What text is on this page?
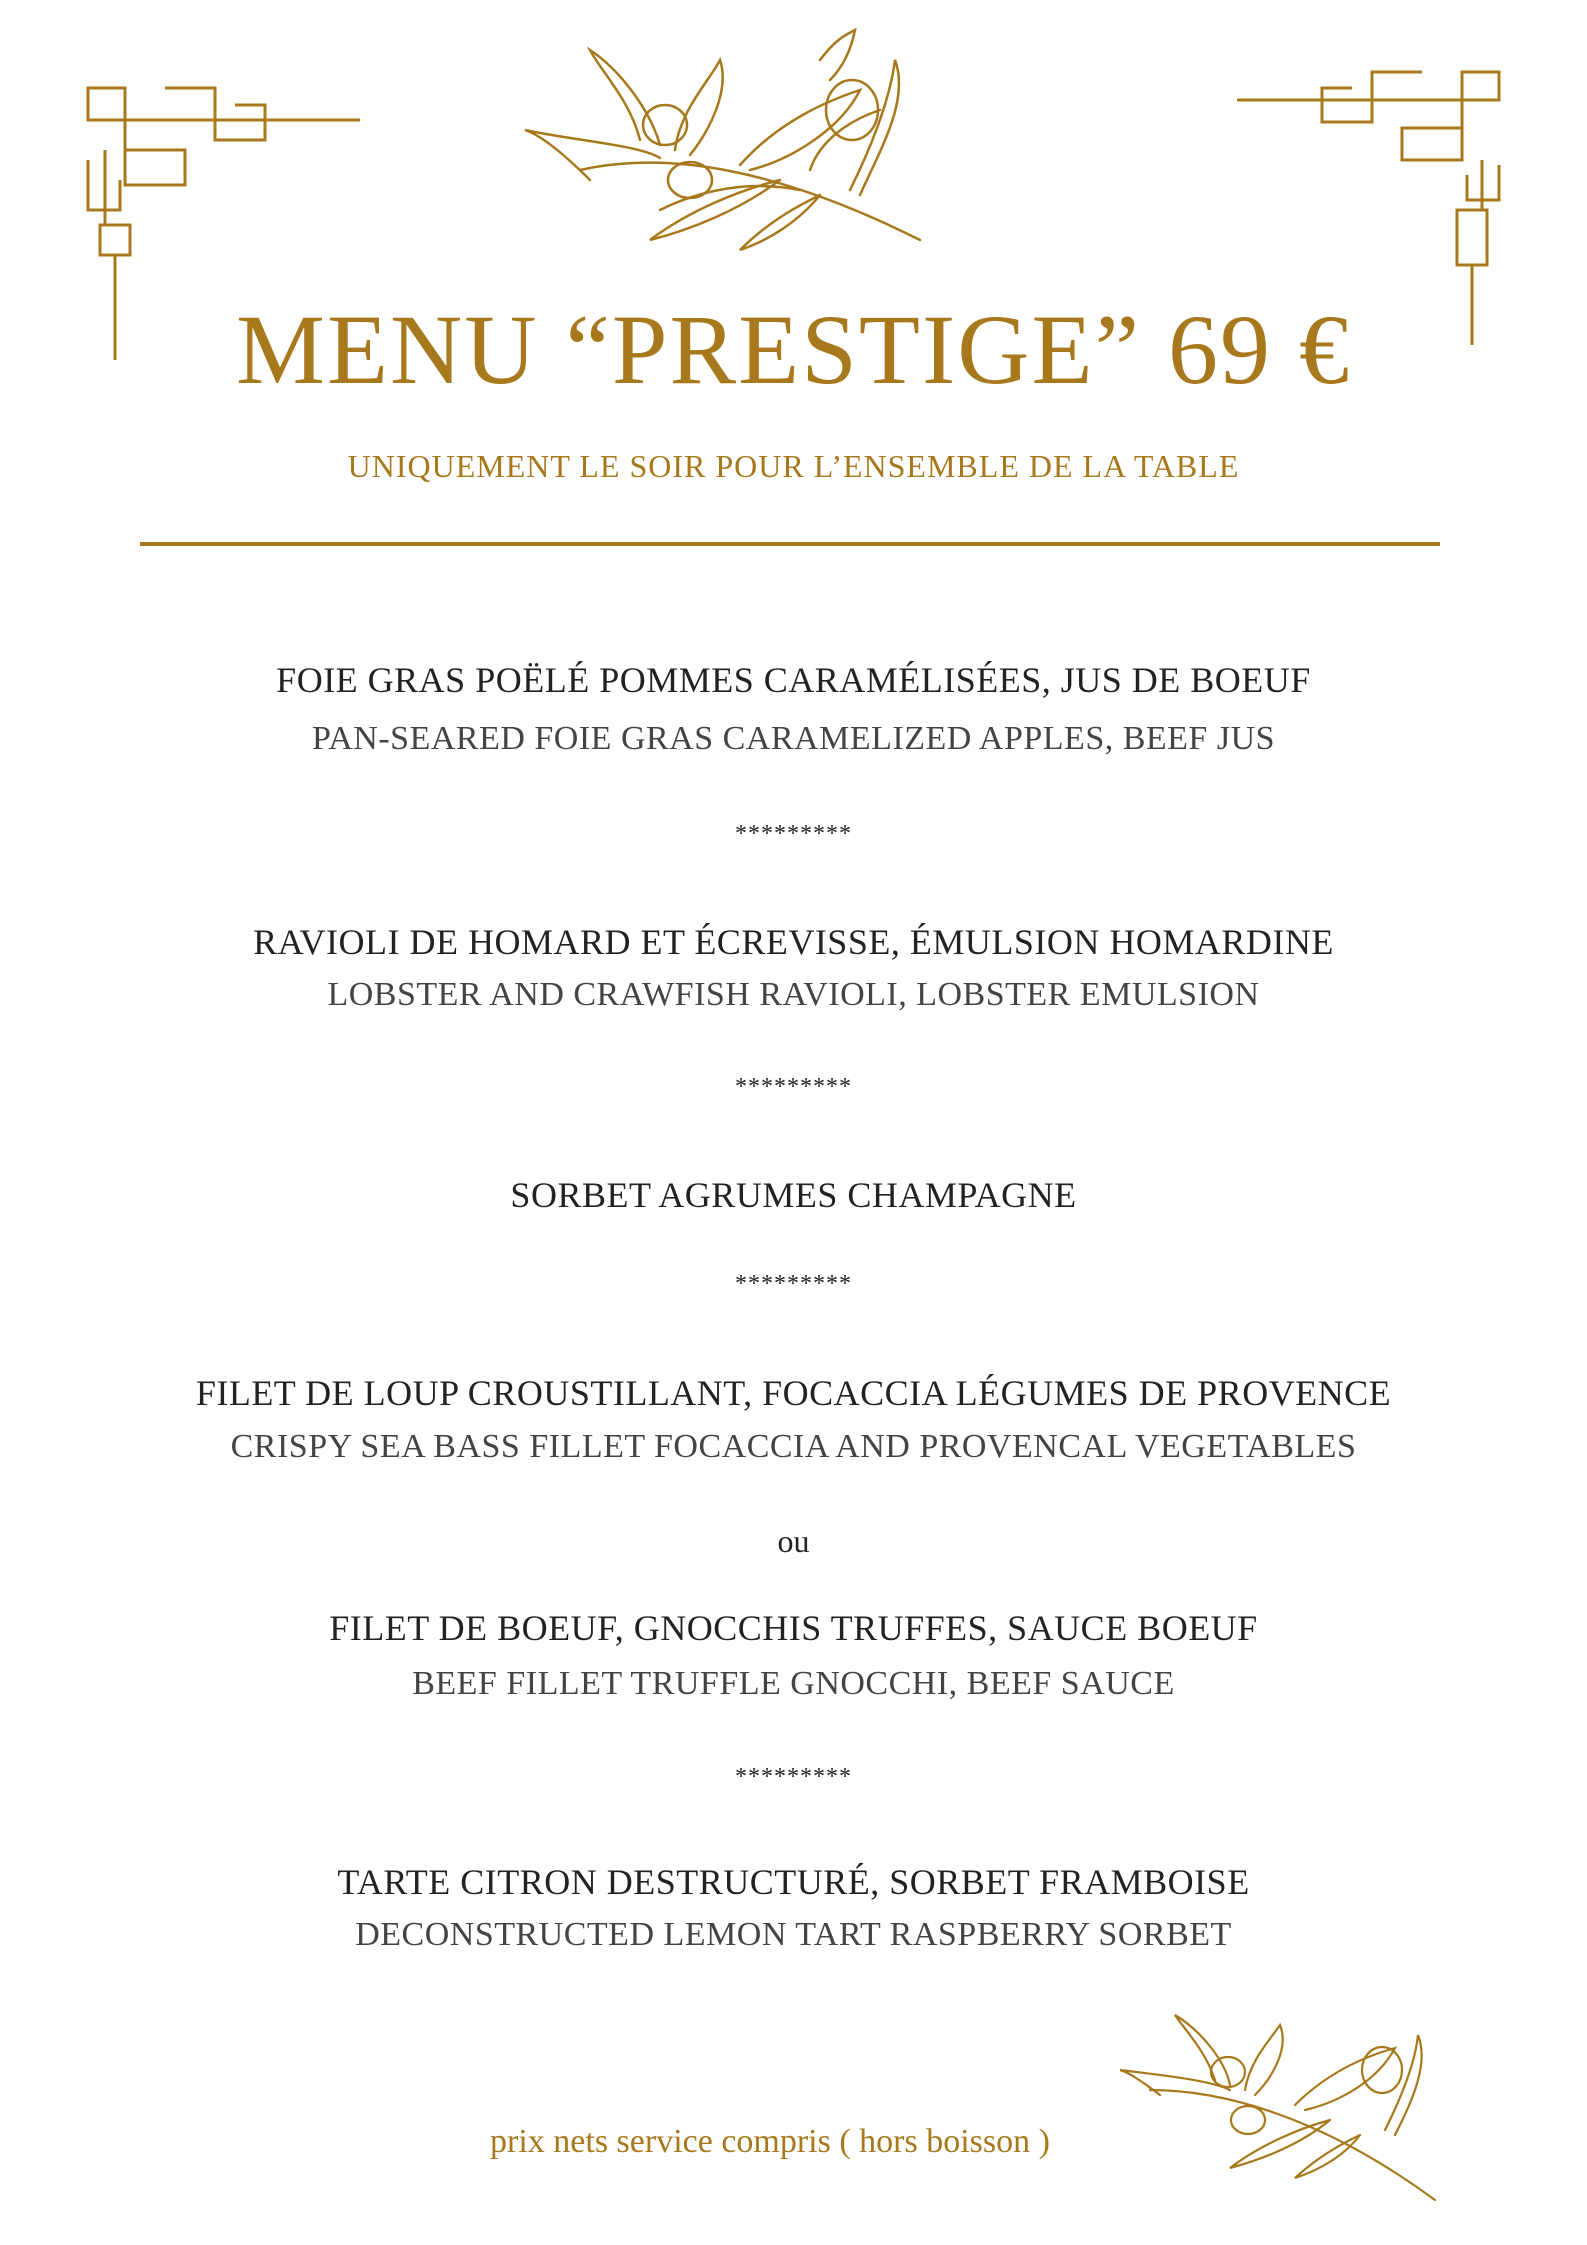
MENU “PRESTIGE” 69 €
UNIQUEMENT LE SOIR POUR L’ENSEMBLE DE LA TABLE
FOIE GRAS POËLÉ POMMES CARAMÉLISÉES, JUS DE BOEUF
PAN-SEARED FOIE GRAS CARAMELIZED APPLES, BEEF JUS
*********
RAVIOLI DE HOMARD ET ÉCREVISSE, ÉMULSION HOMARDINE
LOBSTER AND CRAWFISH RAVIOLI, LOBSTER EMULSION
*********
SORBET AGRUMES CHAMPAGNE
*********
FILET DE LOUP CROUSTILLANT, FOCACCIA LÉGUMES DE PROVENCE
CRISPY SEA BASS FILLET FOCACCIA AND PROVENCAL VEGETABLES
ou
FILET DE BOEUF, GNOCCHIS TRUFFES, SAUCE BOEUF
BEEF FILLET TRUFFLE GNOCCHI, BEEF SAUCE
*********
TARTE CITRON DESTRUCTURÉ, SORBET FRAMBOISE
DECONSTRUCTED LEMON TART RASPBERRY SORBET
prix nets service compris ( hors boisson )
